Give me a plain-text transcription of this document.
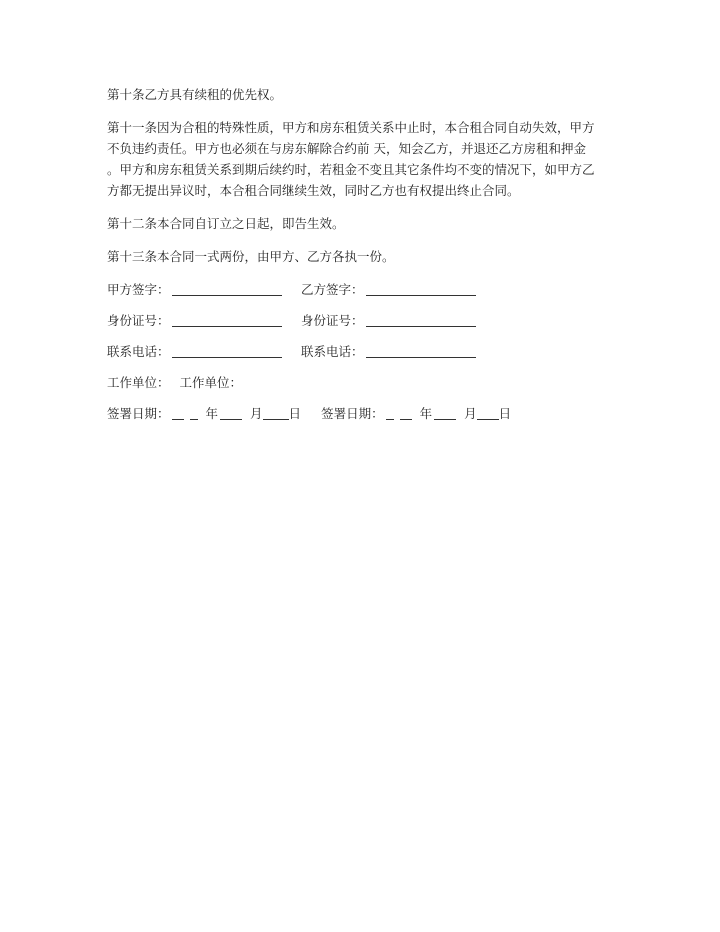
第十条乙方具有续租的优先权。

第十一条因为合租的特殊性质，甲方和房东租赁关系中止时，本合租合同自动失效，甲方
不负违约责任。甲方也必须在与房东解除合约前 天，知会乙方，并退还乙方房租和押金
。甲方和房东租赁关系到期后续约时，若租金不变且其它条件均不变的情况下，如甲方乙
方都无提出异议时，本合租合同继续生效，同时乙方也有权提出终止合同。

第十二条本合同自订立之日起，即告生效。

第十三条本合同一式两份，由甲方、乙方各执一份。

甲方签字：	乙方签字：
身份证号：	身份证号：
联系电话：	联系电话：
工作单位： 工作单位：
签署日期：	年	月 日 签署日期：	年	月 日
